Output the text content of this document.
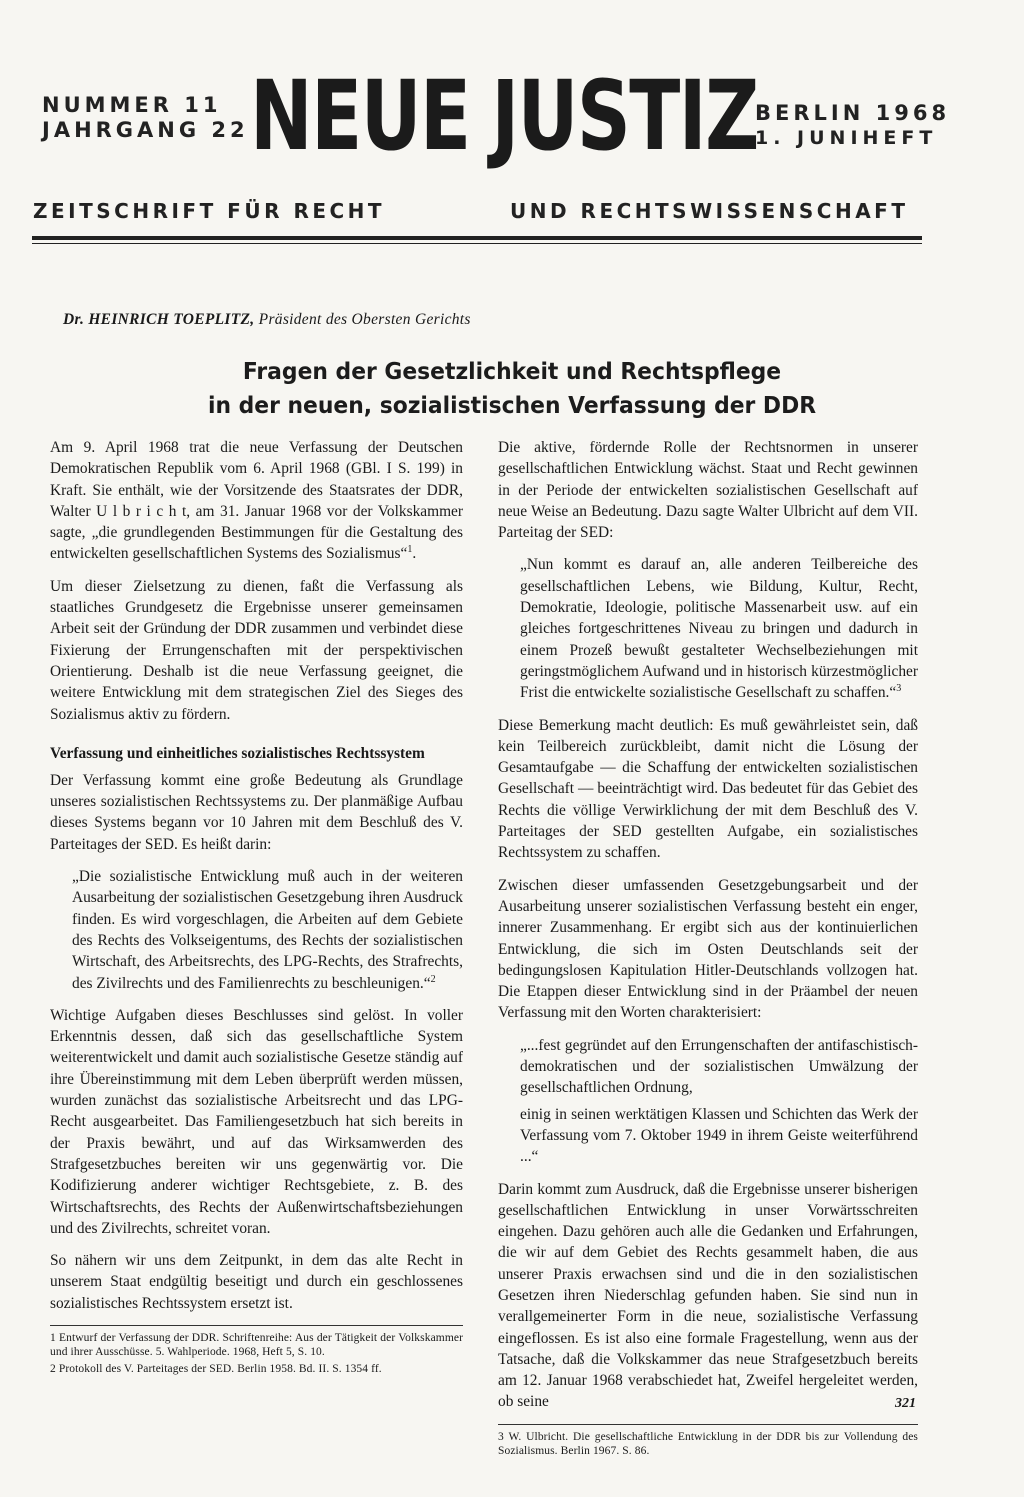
NUMMER 11
JAHRGANG 22 NEUE JUSTIZ
BERLIN 1968
1. JUNIHEFT
ZEITSCHRIFT FÜR RECHT	UND RECHTSWISSENSCHAFT
Dr. HEINRICH TOEPLITZ, Präsident des Obersten Gerichts
Fragen der Gesetzlichkeit und Rechtspflege
in der neuen, sozialistischen Verfassung der DDR

Am 9. April 1968 trat die neue Verfassung der Deutschen Demokratischen Republik vom 6. April 1968 (GBl. I S. 199) in Kraft. Sie enthält, wie der Vorsitzende des Staatsrates der DDR, Walter U l b r i c h t, am 31. Januar 1968 vor der Volkskammer sagte, „die grundlegenden Bestimmungen für die Gestaltung des entwickelten gesellschaftlichen Systems des Sozialismus“$^1$.

Um dieser Zielsetzung zu dienen, faßt die Verfassung als staatliches Grundgesetz die Ergebnisse unserer gemeinsamen Arbeit seit der Gründung der DDR zusammen und verbindet diese Fixierung der Errungenschaften mit der perspektivischen Orientierung. Deshalb ist die neue Verfassung geeignet, die weitere Entwicklung mit dem strategischen Ziel des Sieges des Sozialismus aktiv zu fördern.

Verfassung und einheitliches sozialistisches Rechtssystem

Der Verfassung kommt eine große Bedeutung als Grundlage unseres sozialistischen Rechtssystems zu. Der planmäßige Aufbau dieses Systems begann vor 10 Jahren mit dem Beschluß des V. Parteitages der SED. Es heißt darin:

„Die sozialistische Entwicklung muß auch in der weiteren Ausarbeitung der sozialistischen Gesetzgebung ihren Ausdruck finden. Es wird vorgeschlagen, die Arbeiten auf dem Gebiete des Rechts des Volkseigentums, des Rechts der sozialistischen Wirtschaft, des Arbeitsrechts, des LPG-Rechts, des Strafrechts, des Zivilrechts und des Familienrechts zu beschleunigen.“$^2$

Wichtige Aufgaben dieses Beschlusses sind gelöst. In voller Erkenntnis dessen, daß sich das gesellschaftliche System weiterentwickelt und damit auch sozialistische Gesetze ständig auf ihre Übereinstimmung mit dem Leben überprüft werden müssen, wurden zunächst das sozialistische Arbeitsrecht und das LPG-Recht ausgearbeitet. Das Familiengesetzbuch hat sich bereits in der Praxis bewährt, und auf das Wirksamwerden des Strafgesetzbuches bereiten wir uns gegenwärtig vor. Die Kodifizierung anderer wichtiger Rechtsgebiete, z. B. des Wirtschaftsrechts, des Rechts der Außenwirtschaftsbeziehungen und des Zivilrechts, schreitet voran.

So nähern wir uns dem Zeitpunkt, in dem das alte Recht in unserem Staat endgültig beseitigt und durch ein geschlossenes sozialistisches Rechtssystem ersetzt ist.

1 Entwurf der Verfassung der DDR. Schriftenreihe: Aus der Tätigkeit der Volkskammer und ihrer Ausschüsse. 5. Wahlperiode. 1968, Heft 5, S. 10.
2 Protokoll des V. Parteitages der SED. Berlin 1958. Bd. II. S. 1354 ff.

Die aktive, fördernde Rolle der Rechtsnormen in unserer gesellschaftlichen Entwicklung wächst. Staat und Recht gewinnen in der Periode der entwickelten sozialistischen Gesellschaft auf neue Weise an Bedeutung. Dazu sagte Walter Ulbricht auf dem VII. Parteitag der SED:

„Nun kommt es darauf an, alle anderen Teilbereiche des gesellschaftlichen Lebens, wie Bildung, Kultur, Recht, Demokratie, Ideologie, politische Massenarbeit usw. auf ein gleiches fortgeschrittenes Niveau zu bringen und dadurch in einem Prozeß bewußt gestalteter Wechselbeziehungen mit geringstmöglichem Aufwand und in historisch kürzestmöglicher Frist die entwickelte sozialistische Gesellschaft zu schaffen.“$^3$

Diese Bemerkung macht deutlich: Es muß gewährleistet sein, daß kein Teilbereich zurückbleibt, damit nicht die Lösung der Gesamtaufgabe — die Schaffung der entwickelten sozialistischen Gesellschaft — beeinträchtigt wird. Das bedeutet für das Gebiet des Rechts die völlige Verwirklichung der mit dem Beschluß des V. Parteitages der SED gestellten Aufgabe, ein sozialistisches Rechtssystem zu schaffen.

Zwischen dieser umfassenden Gesetzgebungsarbeit und der Ausarbeitung unserer sozialistischen Verfassung besteht ein enger, innerer Zusammenhang. Er ergibt sich aus der kontinuierlichen Entwicklung, die sich im Osten Deutschlands seit der bedingungslosen Kapitulation Hitler-Deutschlands vollzogen hat. Die Etappen dieser Entwicklung sind in der Präambel der neuen Verfassung mit den Worten charakterisiert:

„...fest gegründet auf den Errungenschaften der antifaschistisch-demokratischen und der sozialistischen Umwälzung der gesellschaftlichen Ordnung,

einig in seinen werktätigen Klassen und Schichten das Werk der Verfassung vom 7. Oktober 1949 in ihrem Geiste weiterführend ...“

Darin kommt zum Ausdruck, daß die Ergebnisse unserer bisherigen gesellschaftlichen Entwicklung in unser Vorwärtsschreiten eingehen. Dazu gehören auch alle die Gedanken und Erfahrungen, die wir auf dem Gebiet des Rechts gesammelt haben, die aus unserer Praxis erwachsen sind und die in den sozialistischen Gesetzen ihren Niederschlag gefunden haben. Sie sind nun in verallgemeinerter Form in die neue, sozialistische Verfassung eingeflossen. Es ist also eine formale Fragestellung, wenn aus der Tatsache, daß die Volkskammer das neue Strafgesetzbuch bereits am 12. Januar 1968 verabschiedet hat, Zweifel hergeleitet werden, ob seine

3 W. Ulbricht. Die gesellschaftliche Entwicklung in der DDR bis zur Vollendung des Sozialismus. Berlin 1967. S. 86.
321
